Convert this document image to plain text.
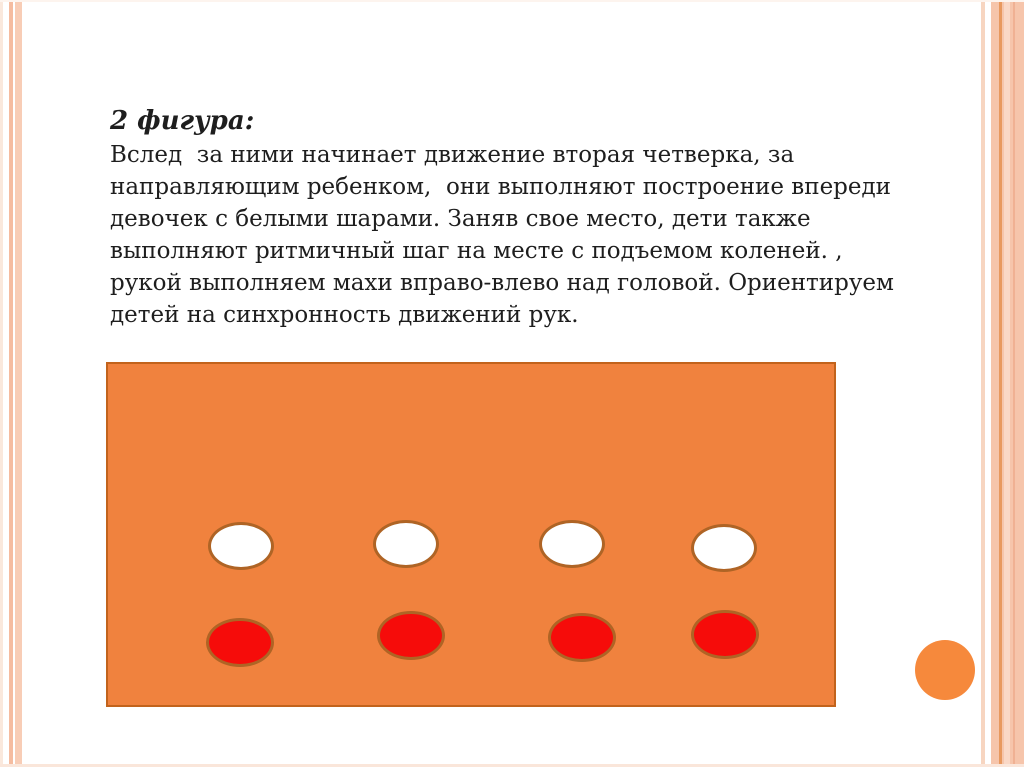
2 фигура:
Вслед  за ними начинает движение вторая четверка, за
направляющим ребенком,  они выполняют построение впереди
девочек с белыми шарами. Заняв свое место, дети также
выполняют ритмичный шаг на месте с подъемом коленей. ,
рукой выполняем махи вправо-влево над головой. Ориентируем
детей на синхронность движений рук.
